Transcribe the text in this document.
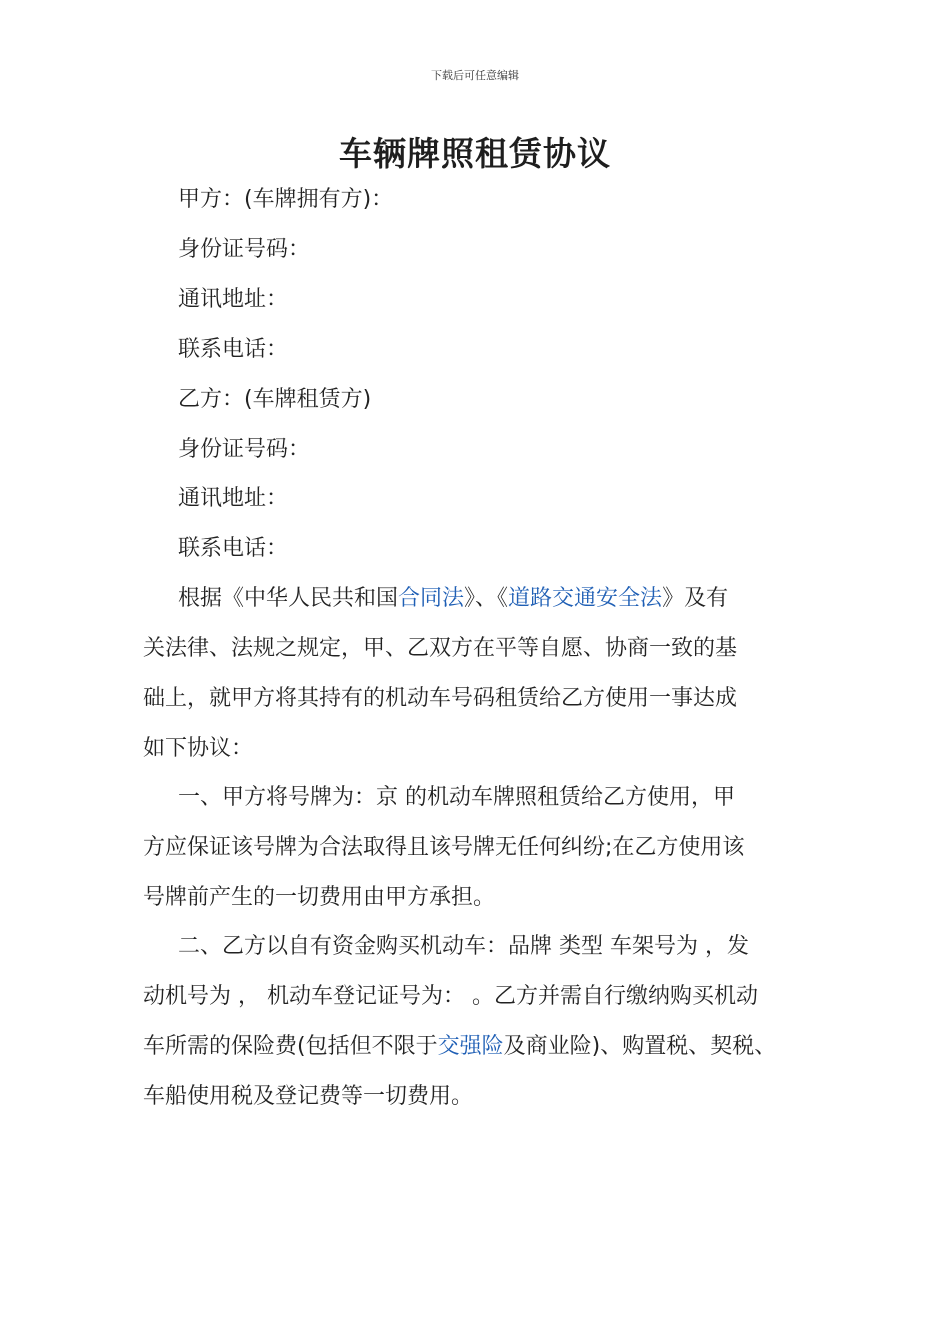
下载后可任意编辑
车辆牌照租赁协议
甲方：(车牌拥有方)：
身份证号码：
通讯地址：
联系电话：
乙方：(车牌租赁方)
身份证号码：
通讯地址：
联系电话：

根据《中华人民共和国合同法》、《道路交通安全法》及有

关法律、法规之规定，甲、乙双方在平等自愿、协商一致的基

础上，就甲方将其持有的机动车号码租赁给乙方使用一事达成

如下协议：

一、甲方将号牌为：京 的机动车牌照租赁给乙方使用，甲

方应保证该号牌为合法取得且该号牌无任何纠纷;在乙方使用该

号牌前产生的一切费用由甲方承担。

二、乙方以自有资金购买机动车：品牌 类型 车架号为 ，发

动机号为 ， 机动车登记证号为： 。乙方并需自行缴纳购买机动

车所需的保险费(包括但不限于交强险及商业险)、购置税、契税、

车船使用税及登记费等一切费用。
